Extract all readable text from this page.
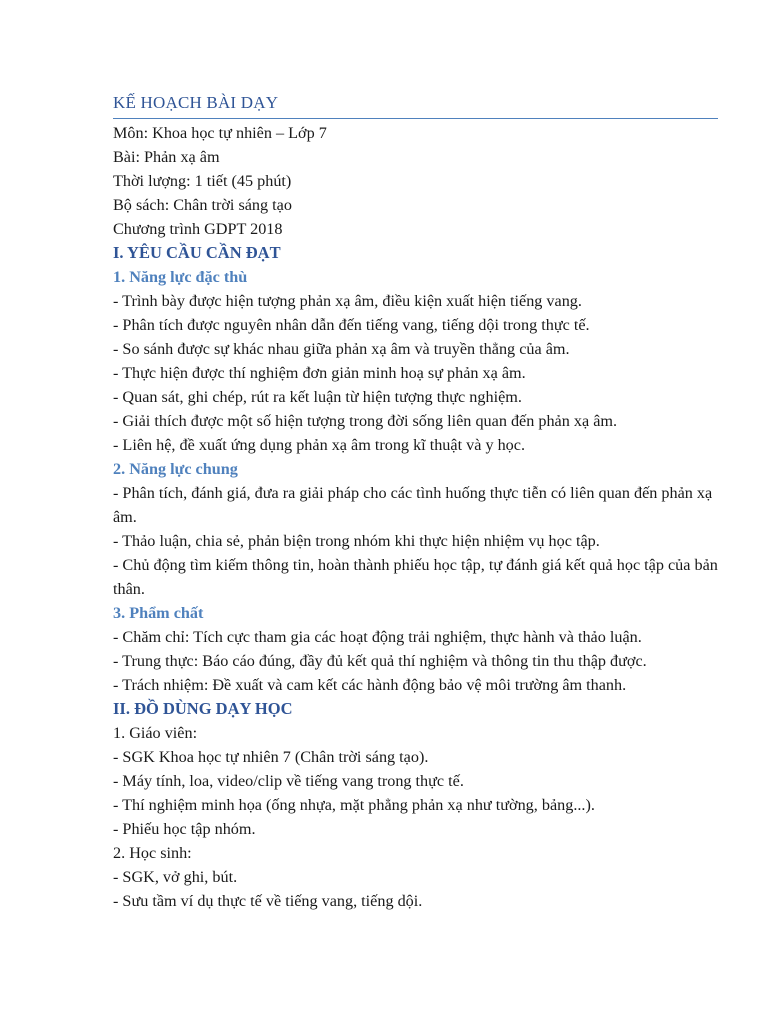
KẾ HOẠCH BÀI DẠY

Môn: Khoa học tự nhiên – Lớp 7

Bài: Phản xạ âm

Thời lượng: 1 tiết (45 phút)

Bộ sách: Chân trời sáng tạo

Chương trình GDPT 2018

I. YÊU CẦU CẦN ĐẠT

1. Năng lực đặc thù

- Trình bày được hiện tượng phản xạ âm, điều kiện xuất hiện tiếng vang.

- Phân tích được nguyên nhân dẫn đến tiếng vang, tiếng dội trong thực tế.

- So sánh được sự khác nhau giữa phản xạ âm và truyền thẳng của âm.

- Thực hiện được thí nghiệm đơn giản minh hoạ sự phản xạ âm.

- Quan sát, ghi chép, rút ra kết luận từ hiện tượng thực nghiệm.

- Giải thích được một số hiện tượng trong đời sống liên quan đến phản xạ âm.

- Liên hệ, đề xuất ứng dụng phản xạ âm trong kĩ thuật và y học.

2. Năng lực chung

- Phân tích, đánh giá, đưa ra giải pháp cho các tình huống thực tiễn có liên quan đến phản xạ âm.

- Thảo luận, chia sẻ, phản biện trong nhóm khi thực hiện nhiệm vụ học tập.

- Chủ động tìm kiếm thông tin, hoàn thành phiếu học tập, tự đánh giá kết quả học tập của bản thân.

3. Phẩm chất

- Chăm chỉ: Tích cực tham gia các hoạt động trải nghiệm, thực hành và thảo luận.

- Trung thực: Báo cáo đúng, đầy đủ kết quả thí nghiệm và thông tin thu thập được.

- Trách nhiệm: Đề xuất và cam kết các hành động bảo vệ môi trường âm thanh.

II. ĐỒ DÙNG DẠY HỌC

1. Giáo viên:

- SGK Khoa học tự nhiên 7 (Chân trời sáng tạo).

- Máy tính, loa, video/clip về tiếng vang trong thực tế.

- Thí nghiệm minh họa (ống nhựa, mặt phẳng phản xạ như tường, bảng...).

- Phiếu học tập nhóm.

2. Học sinh:

- SGK, vở ghi, bút.

- Sưu tầm ví dụ thực tế về tiếng vang, tiếng dội.
